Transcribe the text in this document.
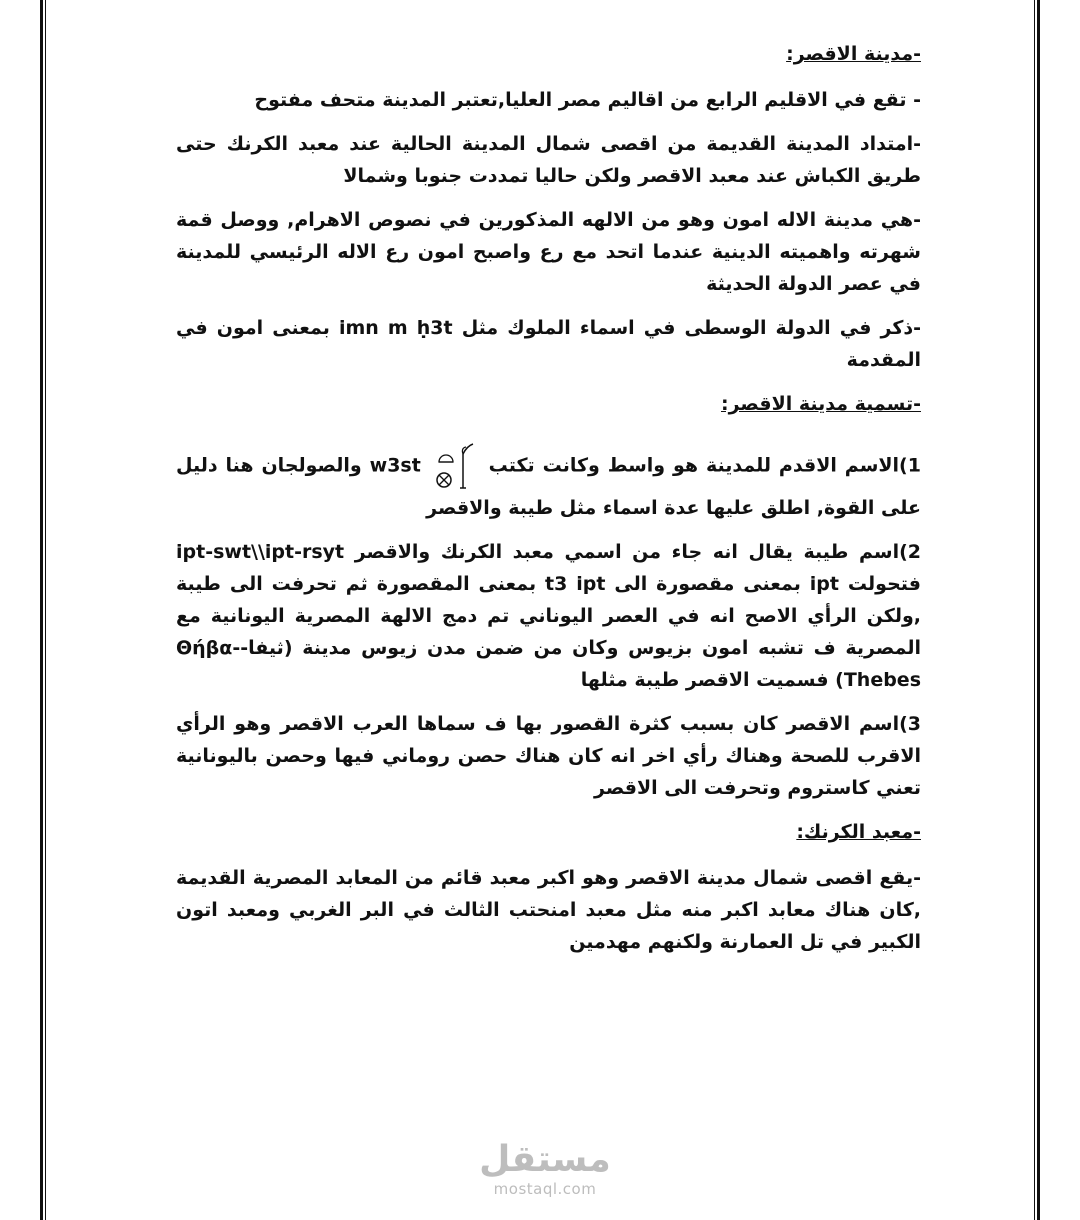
-مدينة الاقصر:

- تقع في الاقليم الرابع من اقاليم مصر العليا,تعتبر المدينة متحف مفتوح

-امتداد المدينة القديمة من اقصى شمال المدينة الحالية عند معبد الكرنك حتى طريق الكباش عند معبد الاقصر ولكن حاليا تمددت جنوبا وشمالا

-هي مدينة الاله امون وهو من الالهه المذكورين في نصوص الاهرام, ووصل قمة شهرته واهميته الدينية عندما اتحد مع رع واصبح امون رع الاله الرئيسي للمدينة في عصر الدولة الحديثة

-ذكر في الدولة الوسطى في اسماء الملوك مثل imn m ḥ3t بمعنى امون في المقدمة

-تسمية مدينة الاقصر:

1)الاسم الاقدم للمدينة هو واسط وكانت تكتب  w3st والصولجان هنا دليل على القوة, اطلق عليها عدة اسماء مثل طيبة والاقصر

2)اسم طيبة يقال انه جاء من اسمي معبد الكرنك والاقصر ipt-swt\\ipt-rsyt فتحولت ipt بمعنى مقصورة الى t3 ipt بمعنى المقصورة ثم تحرفت الى طيبة ,ولكن الرأي الاصح انه في العصر اليوناني تم دمج الالهة المصرية اليونانية مع المصرية ف تشبه امون بزيوس وكان من ضمن مدن زيوس مدينة (ثيفا--Θήβα Thebes) فسميت الاقصر طيبة مثلها

3)اسم الاقصر كان بسبب كثرة القصور بها ف سماها العرب الاقصر وهو الرأي الاقرب للصحة وهناك رأي اخر انه كان هناك حصن روماني فيها وحصن باليونانية تعني كاستروم وتحرفت الى الاقصر

-معبد الكرنك:

-يقع اقصى شمال مدينة الاقصر وهو اكبر معبد قائم من المعابد المصرية القديمة ,كان هناك معابد اكبر منه مثل معبد امنحتب الثالث في البر الغربي ومعبد اتون الكبير في تل العمارنة ولكنهم مهدمين

مستقل
mostaql.com
